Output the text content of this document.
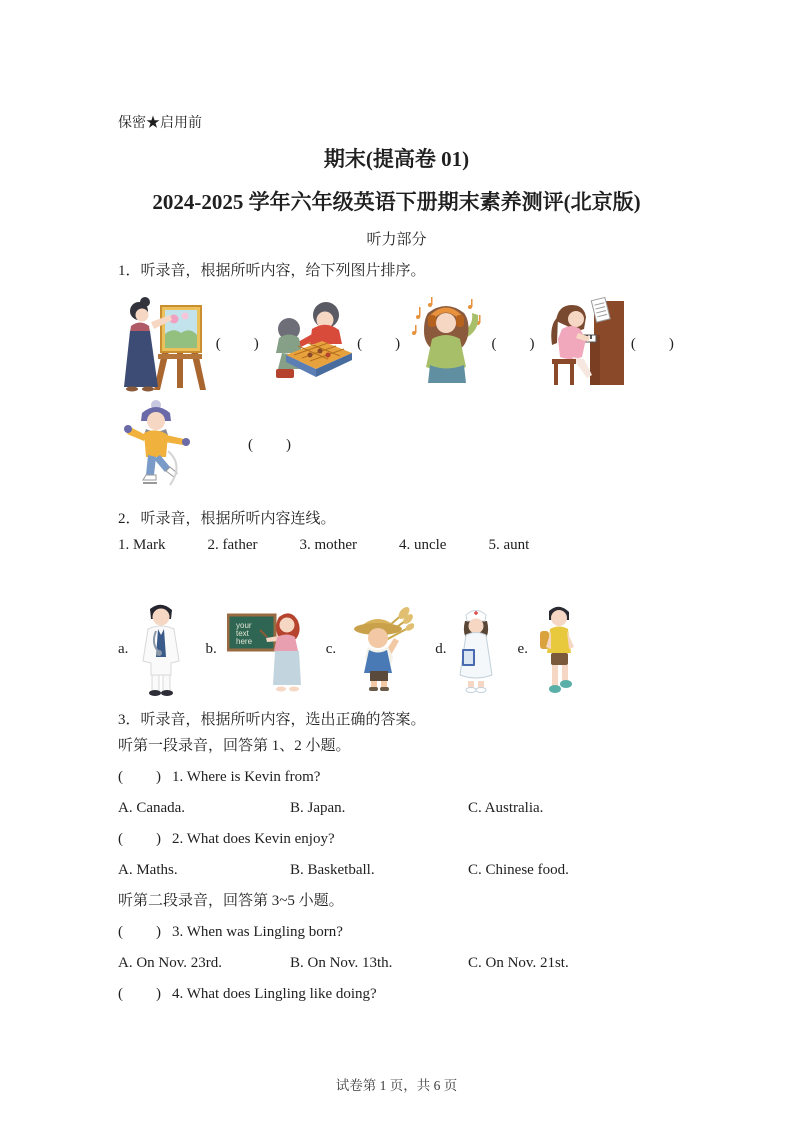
保密★启用前
期末(提高卷 01)
2024-2025 学年六年级英语下册期末素养测评(北京版)
听力部分
1．听录音，根据所听内容，给下列图片排序。
(　　)	(　　)	(　　)	(　　)
(　　)
2．听录音，根据所听内容连线。
1. Mark	2. father	3. mother	4. uncle	5. aunt
a.	b.
your
text
here	c.	d.	e.
3．听录音，根据所听内容，选出正确的答案。
听第一段录音，回答第 1、2 小题。
(　　) 1. Where is Kevin from?
A. Canada.	B. Japan.	C. Australia.
(　　) 2. What does Kevin enjoy?
A. Maths.	B. Basketball.	C. Chinese food.
听第二段录音，回答第 3~5 小题。
(　　) 3. When was Lingling born?
A. On Nov. 23rd.	B. On Nov. 13th.	C. On Nov. 21st.
(　　) 4. What does Lingling like doing?
试卷第 1 页，共 6 页
